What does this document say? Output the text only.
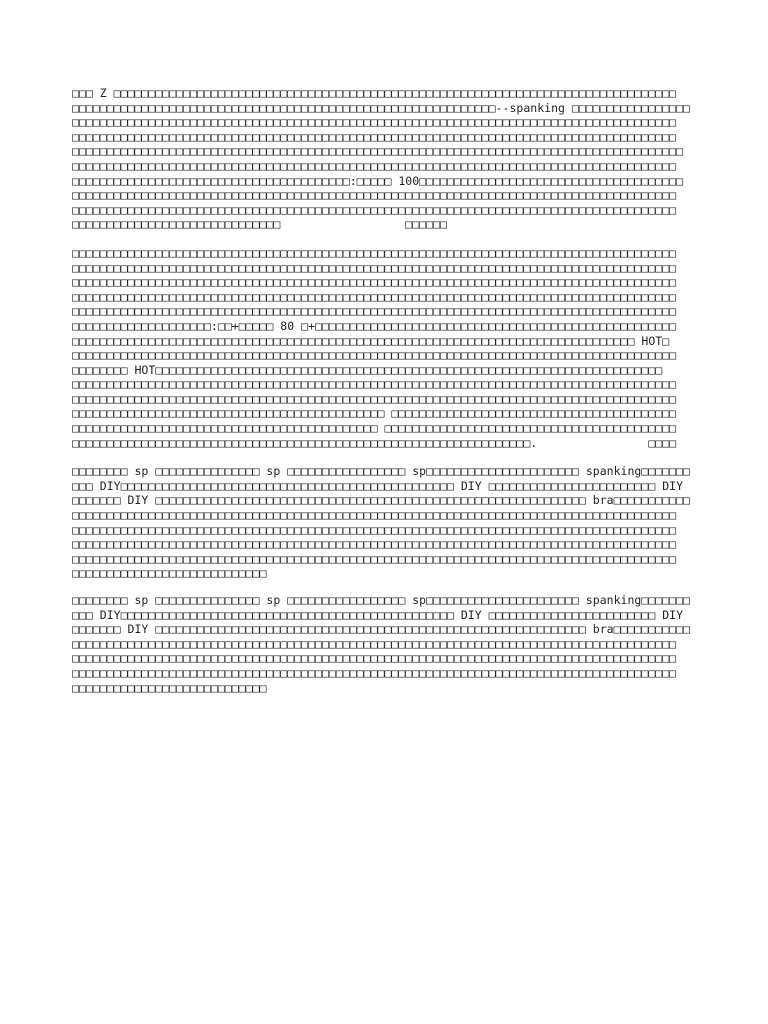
□□□ Z □□□□□□□□□□□□□□□□□□□□□□□□□□□□□□□□□□□□□□□□□□□□□□□□□□□□□□□□□□□□□□□□□□□□□□□□□□□□□□□□□
□□□□□□□□□□□□□□□□□□□□□□□□□□□□□□□□□□□□□□□□□□□□□□□□□□□□□□□□□□□□□--spanking □□□□□□□□□□□□□□□□□
□□□□□□□□□□□□□□□□□□□□□□□□□□□□□□□□□□□□□□□□□□□□□□□□□□□□□□□□□□□□□□□□□□□□□□□□□□□□□□□□□□□□□□□
□□□□□□□□□□□□□□□□□□□□□□□□□□□□□□□□□□□□□□□□□□□□□□□□□□□□□□□□□□□□□□□□□□□□□□□□□□□□□□□□□□□□□□□
□□□□□□□□□□□□□□□□□□□□□□□□□□□□□□□□□□□□□□□□□□□□□□□□□□□□□□□□□□□□□□□□□□□□□□□□□□□□□□□□□□□□□□□□
□□□□□□□□□□□□□□□□□□□□□□□□□□□□□□□□□□□□□□□□□□□□□□□□□□□□□□□□□□□□□□□□□□□□□□□□□□□□□□□□□□□□□□□
□□□□□□□□□□□□□□□□□□□□□□□□□□□□□□□□□□□□□□□□:□□□□□ 100□□□□□□□□□□□□□□□□□□□□□□□□□□□□□□□□□□□□□□
□□□□□□□□□□□□□□□□□□□□□□□□□□□□□□□□□□□□□□□□□□□□□□□□□□□□□□□□□□□□□□□□□□□□□□□□□□□□□□□□□□□□□□□
□□□□□□□□□□□□□□□□□□□□□□□□□□□□□□□□□□□□□□□□□□□□□□□□□□□□□□□□□□□□□□□□□□□□□□□□□□□□□□□□□□□□□□□
□□□□□□□□□□□□□□□□□□□□□□□□□□□□□□                  □□□□□□
□□□□□□□□□□□□□□□□□□□□□□□□□□□□□□□□□□□□□□□□□□□□□□□□□□□□□□□□□□□□□□□□□□□□□□□□□□□□□□□□□□□□□□□
□□□□□□□□□□□□□□□□□□□□□□□□□□□□□□□□□□□□□□□□□□□□□□□□□□□□□□□□□□□□□□□□□□□□□□□□□□□□□□□□□□□□□□□
□□□□□□□□□□□□□□□□□□□□□□□□□□□□□□□□□□□□□□□□□□□□□□□□□□□□□□□□□□□□□□□□□□□□□□□□□□□□□□□□□□□□□□□
□□□□□□□□□□□□□□□□□□□□□□□□□□□□□□□□□□□□□□□□□□□□□□□□□□□□□□□□□□□□□□□□□□□□□□□□□□□□□□□□□□□□□□□
□□□□□□□□□□□□□□□□□□□□□□□□□□□□□□□□□□□□□□□□□□□□□□□□□□□□□□□□□□□□□□□□□□□□□□□□□□□□□□□□□□□□□□□
□□□□□□□□□□□□□□□□□□□□:□□+□□□□□ 80 □+□□□□□□□□□□□□□□□□□□□□□□□□□□□□□□□□□□□□□□□□□□□□□□□□□□□□
□□□□□□□□□□□□□□□□□□□□□□□□□□□□□□□□□□□□□□□□□□□□□□□□□□□□□□□□□□□□□□□□□□□□□□□□□□□□□□□□□ HOT□
□□□□□□□□□□□□□□□□□□□□□□□□□□□□□□□□□□□□□□□□□□□□□□□□□□□□□□□□□□□□□□□□□□□□□□□□□□□□□□□□□□□□□□□
□□□□□□□□ HOT□□□□□□□□□□□□□□□□□□□□□□□□□□□□□□□□□□□□□□□□□□□□□□□□□□□□□□□□□□□□□□□□□□□□□□□□□
□□□□□□□□□□□□□□□□□□□□□□□□□□□□□□□□□□□□□□□□□□□□□□□□□□□□□□□□□□□□□□□□□□□□□□□□□□□□□□□□□□□□□□□
□□□□□□□□□□□□□□□□□□□□□□□□□□□□□□□□□□□□□□□□□□□□□□□□□□□□□□□□□□□□□□□□□□□□□□□□□□□□□□□□□□□□□□□
□□□□□□□□□□□□□□□□□□□□□□□□□□□□□□□□□□□□□□□□□□□□□ □□□□□□□□□□□□□□□□□□□□□□□□□□□□□□□□□□□□□□□□□
□□□□□□□□□□□□□□□□□□□□□□□□□□□□□□□□□□□□□□□□□□□□ □□□□□□□□□□□□□□□□□□□□□□□□□□□□□□□□□□□□□□□□□□
□□□□□□□□□□□□□□□□□□□□□□□□□□□□□□□□□□□□□□□□□□□□□□□□□□□□□□□□□□□□□□□□□□.                □□□□
□□□□□□□□ sp □□□□□□□□□□□□□□□ sp □□□□□□□□□□□□□□□□□ sp□□□□□□□□□□□□□□□□□□□□□□ spanking□□□□□□□
□□□ DIY□□□□□□□□□□□□□□□□□□□□□□□□□□□□□□□□□□□□□□□□□□□□□□□□ DIY □□□□□□□□□□□□□□□□□□□□□□□□ DIY
□□□□□□□ DIY □□□□□□□□□□□□□□□□□□□□□□□□□□□□□□□□□□□□□□□□□□□□□□□□□□□□□□□□□□□□□□ bra□□□□□□□□□□□
□□□□□□□□□□□□□□□□□□□□□□□□□□□□□□□□□□□□□□□□□□□□□□□□□□□□□□□□□□□□□□□□□□□□□□□□□□□□□□□□□□□□□□□
□□□□□□□□□□□□□□□□□□□□□□□□□□□□□□□□□□□□□□□□□□□□□□□□□□□□□□□□□□□□□□□□□□□□□□□□□□□□□□□□□□□□□□□
□□□□□□□□□□□□□□□□□□□□□□□□□□□□□□□□□□□□□□□□□□□□□□□□□□□□□□□□□□□□□□□□□□□□□□□□□□□□□□□□□□□□□□□
□□□□□□□□□□□□□□□□□□□□□□□□□□□□□□□□□□□□□□□□□□□□□□□□□□□□□□□□□□□□□□□□□□□□□□□□□□□□□□□□□□□□□□□
□□□□□□□□□□□□□□□□□□□□□□□□□□□□
□□□□□□□□ sp □□□□□□□□□□□□□□□ sp □□□□□□□□□□□□□□□□□ sp□□□□□□□□□□□□□□□□□□□□□□ spanking□□□□□□□
□□□ DIY□□□□□□□□□□□□□□□□□□□□□□□□□□□□□□□□□□□□□□□□□□□□□□□□ DIY □□□□□□□□□□□□□□□□□□□□□□□□ DIY
□□□□□□□ DIY □□□□□□□□□□□□□□□□□□□□□□□□□□□□□□□□□□□□□□□□□□□□□□□□□□□□□□□□□□□□□□ bra□□□□□□□□□□□
□□□□□□□□□□□□□□□□□□□□□□□□□□□□□□□□□□□□□□□□□□□□□□□□□□□□□□□□□□□□□□□□□□□□□□□□□□□□□□□□□□□□□□□
□□□□□□□□□□□□□□□□□□□□□□□□□□□□□□□□□□□□□□□□□□□□□□□□□□□□□□□□□□□□□□□□□□□□□□□□□□□□□□□□□□□□□□□
□□□□□□□□□□□□□□□□□□□□□□□□□□□□□□□□□□□□□□□□□□□□□□□□□□□□□□□□□□□□□□□□□□□□□□□□□□□□□□□□□□□□□□□
□□□□□□□□□□□□□□□□□□□□□□□□□□□□
